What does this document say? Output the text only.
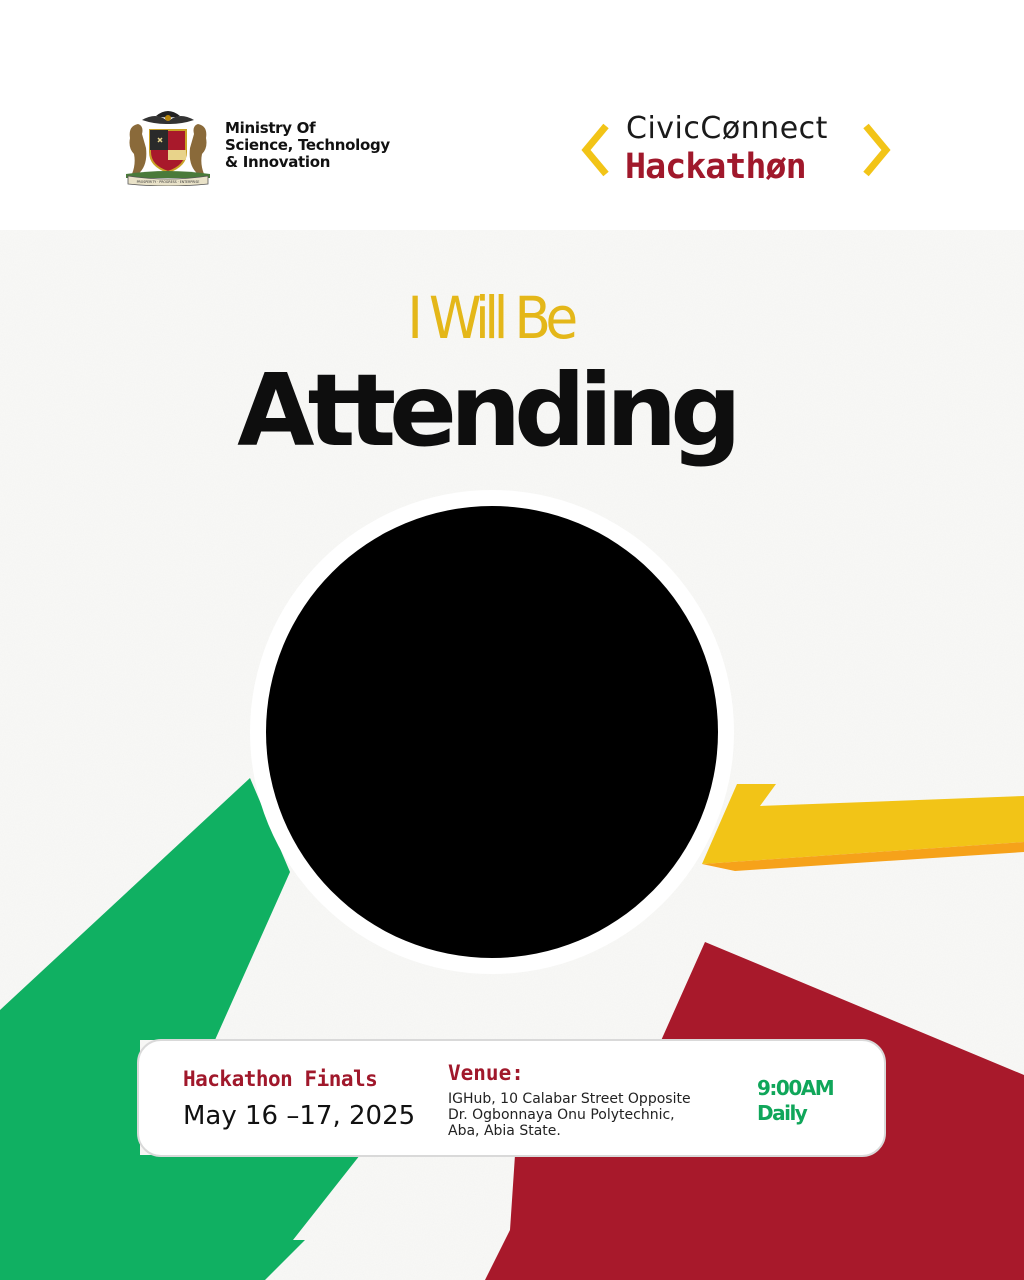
PROSPERITY · PROGRESS · ENTERPRISE
Ministry Of
Science, Technology
& Innovation
CivicCønnect
Hackathøn
I Will Be
Attending
Hackathon Finals
May 16 –17, 2025
Venue:
IGHub, 10 Calabar Street Opposite
Dr. Ogbonnaya Onu Polytechnic,
Aba, Abia State.
9:00AM
Daily
